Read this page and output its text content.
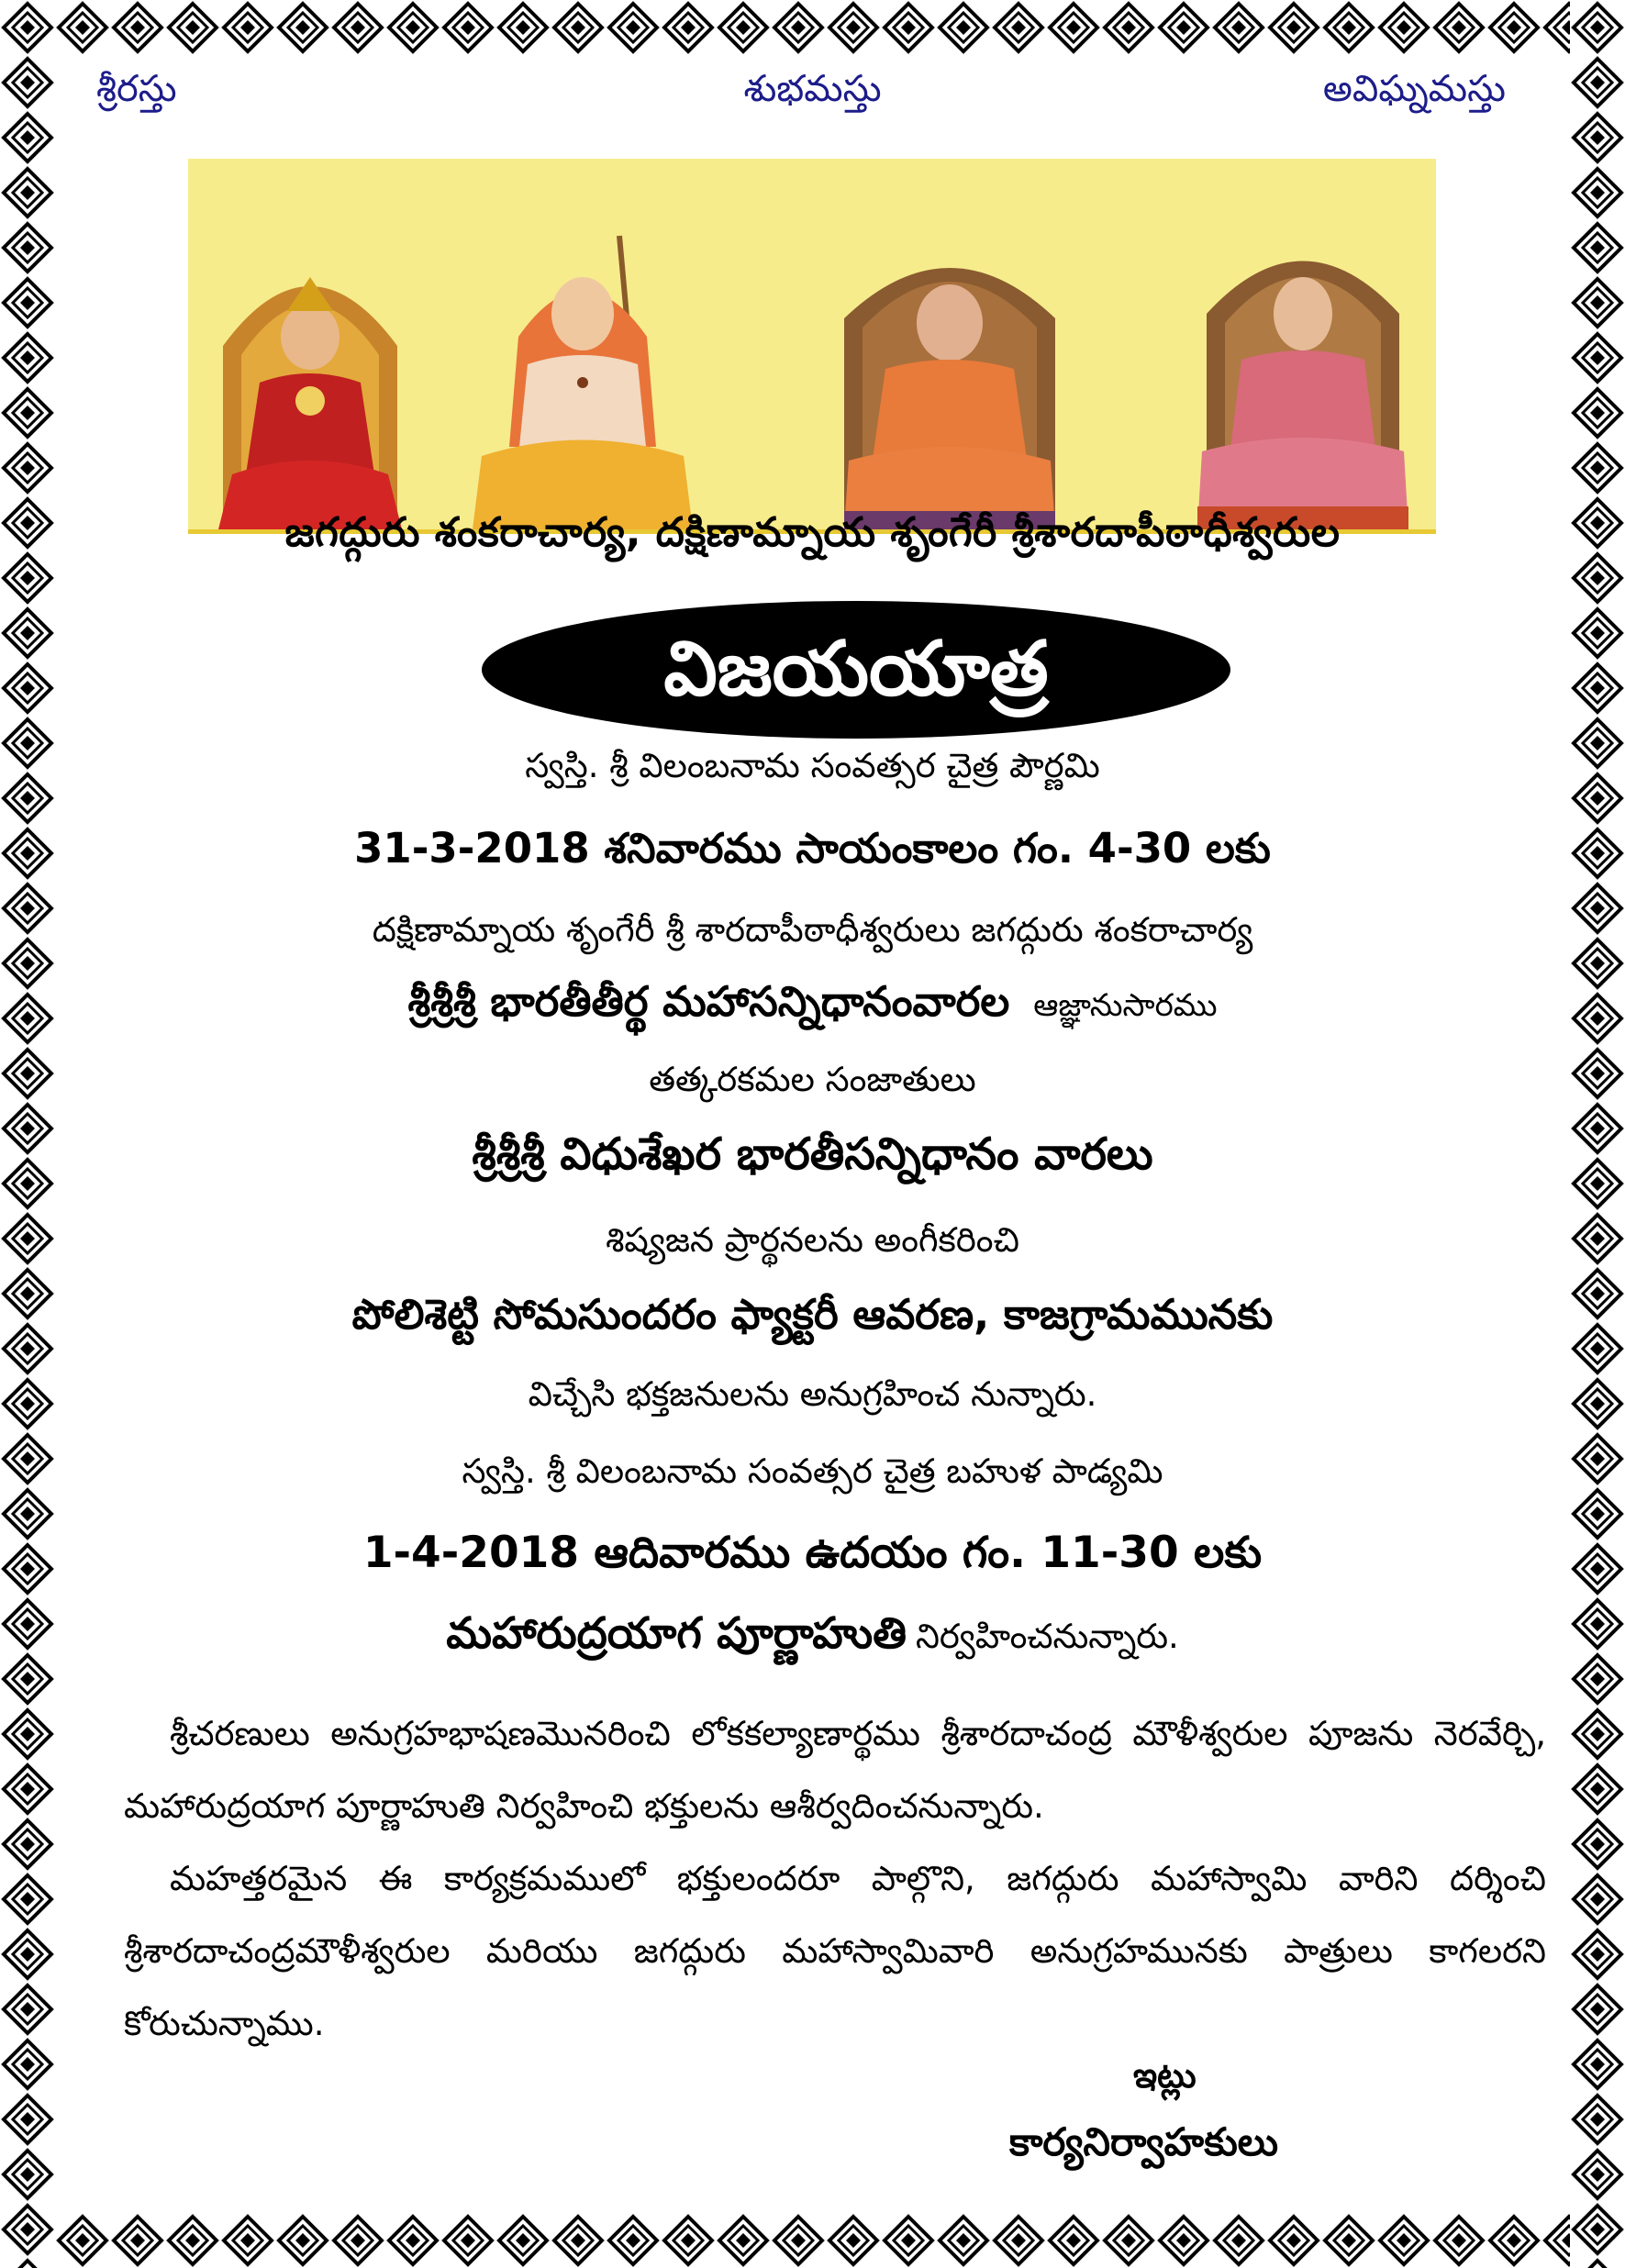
శ్రీరస్తు	శుభమస్తు	అవిఘ్నమస్తు
జగద్గురు శంకరాచార్య, దక్షిణామ్నాయ శృంగేరీ శ్రీశారదాపీఠాధీశ్వరుల
విజయయాత్ర
స్వస్తి. శ్రీ విలంబనామ సంవత్సర చైత్ర పౌర్ణమి
31-3-2018 శనివారము సాయంకాలం గం. 4-30 లకు
దక్షిణామ్నాయ శృంగేరీ శ్రీ శారదాపీఠాధీశ్వరులు జగద్గురు శంకరాచార్య
శ్రీశ్రీశ్రీ భారతీతీర్థ మహాసన్నిధానంవారల ఆజ్ఞానుసారము
తత్కరకమల సంజాతులు
శ్రీశ్రీశ్రీ విధుశేఖర భారతీసన్నిధానం వారలు
శిష్యజన ప్రార్థనలను అంగీకరించి
పోలిశెట్టి సోమసుందరం ఫ్యాక్టరీ ఆవరణ, కాజగ్రామమునకు
విచ్చేసి భక్తజనులను అనుగ్రహించ నున్నారు.
స్వస్తి. శ్రీ విలంబనామ సంవత్సర చైత్ర బహుళ పాడ్యమి
1-4-2018 ఆదివారము ఉదయం గం. 11-30 లకు
మహారుద్రయాగ పూర్ణాహుతి నిర్వహించనున్నారు.
శ్రీచరణులు అనుగ్రహభాషణమొనరించి లోకకల్యాణార్థము శ్రీశారదాచంద్ర మౌళీశ్వరుల పూజను నెరవేర్చి, మహారుద్రయాగ పూర్ణాహుతి నిర్వహించి భక్తులను ఆశీర్వదించనున్నారు.
మహత్తరమైన ఈ కార్యక్రమములో భక్తులందరూ పాల్గొని, జగద్గురు మహాస్వామి వారిని దర్శించి శ్రీశారదాచంద్రమౌళీశ్వరుల మరియు జగద్గురు మహాస్వామివారి అనుగ్రహమునకు పాత్రులు కాగలరని కోరుచున్నాము.
ఇట్లు
కార్యనిర్వాహకులు
